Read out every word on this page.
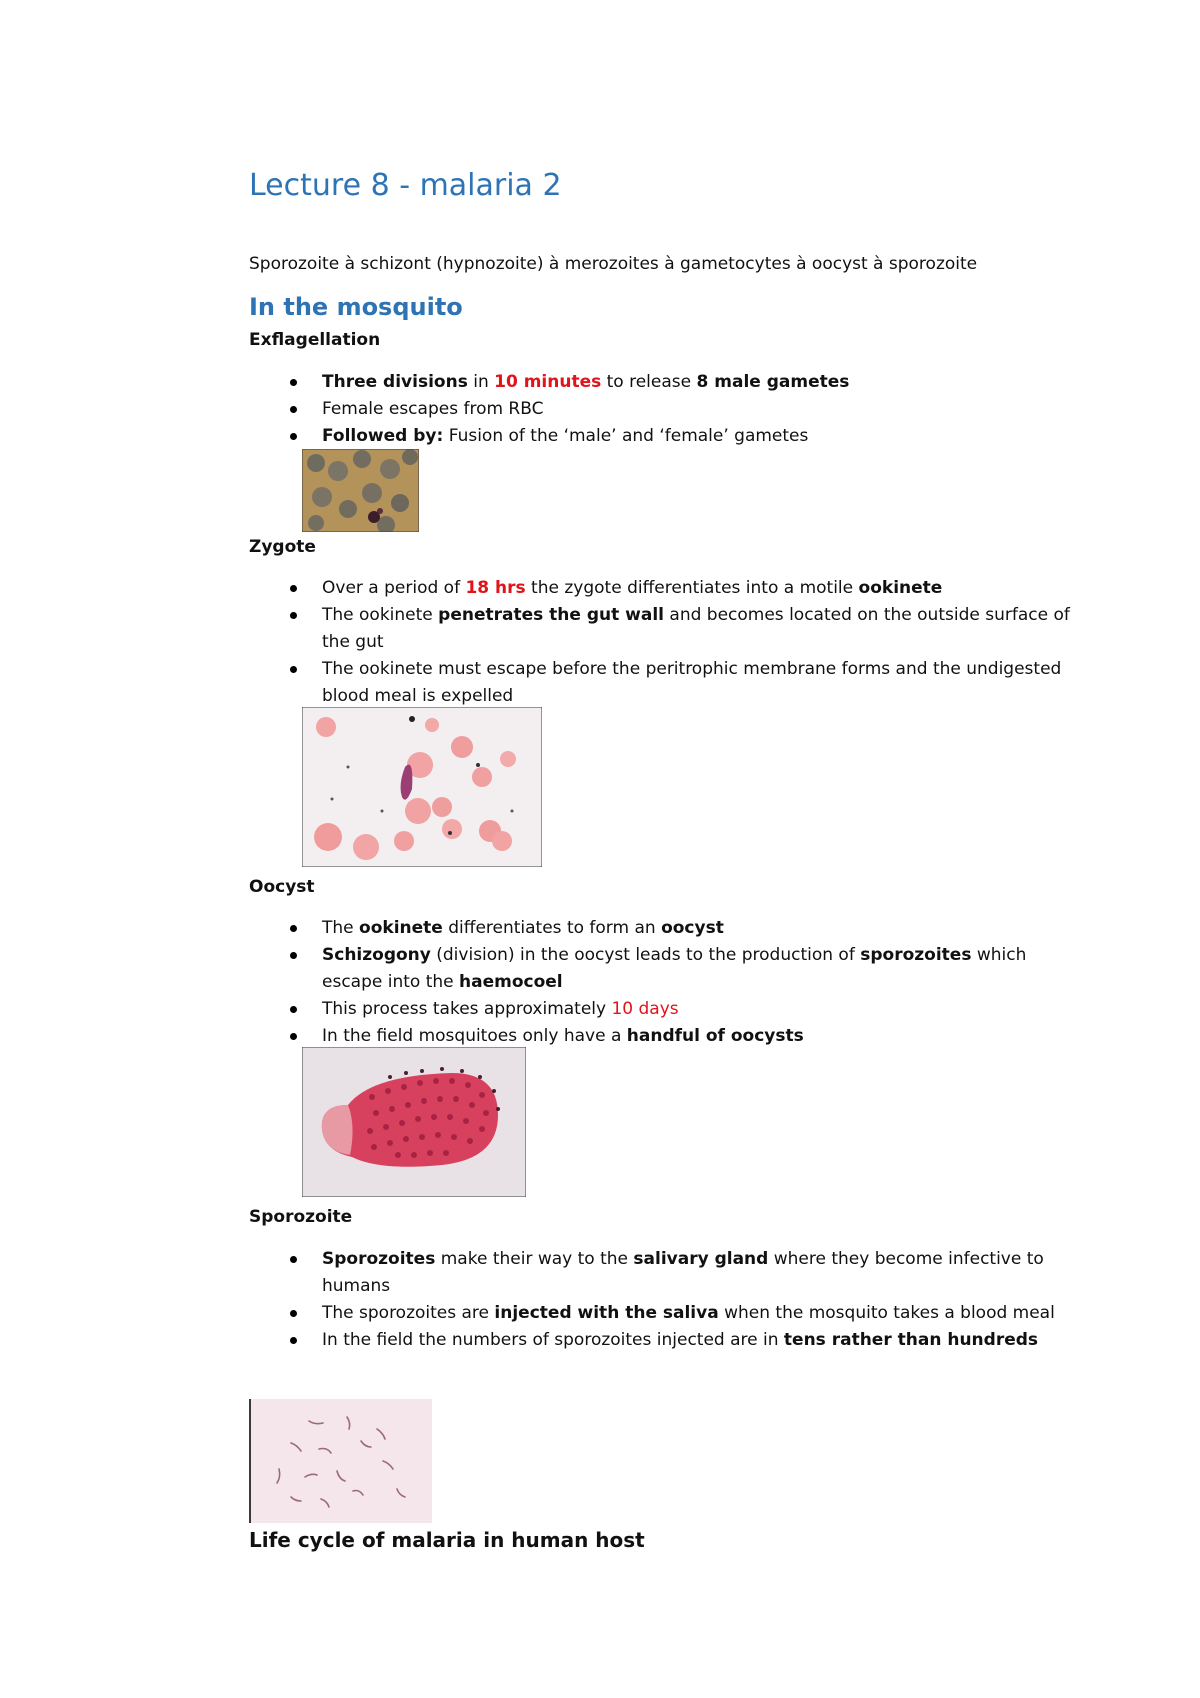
Lecture 8 - malaria 2
Sporozoite à schizont (hypnozoite) à merozoites à gametocytes à oocyst à sporozoite
In the mosquito
Exflagellation
Three divisions in 10 minutes to release 8 male gametes
Female escapes from RBC
Followed by: Fusion of the ‘male’ and ‘female’ gametes
Zygote
Over a period of 18 hrs the zygote differentiates into a motile ookinete
The ookinete penetrates the gut wall and becomes located on the outside surface of the gut
The ookinete must escape before the peritrophic membrane forms and the undigested blood meal is expelled
Oocyst
The ookinete differentiates to form an oocyst
Schizogony (division) in the oocyst leads to the production of sporozoites which escape into the haemocoel
This process takes approximately 10 days
In the field mosquitoes only have a handful of oocysts
Sporozoite
Sporozoites make their way to the salivary gland where they become infective to humans
The sporozoites are injected with the saliva when the mosquito takes a blood meal
In the field the numbers of sporozoites injected are in tens rather than hundreds
Life cycle of malaria in human host
